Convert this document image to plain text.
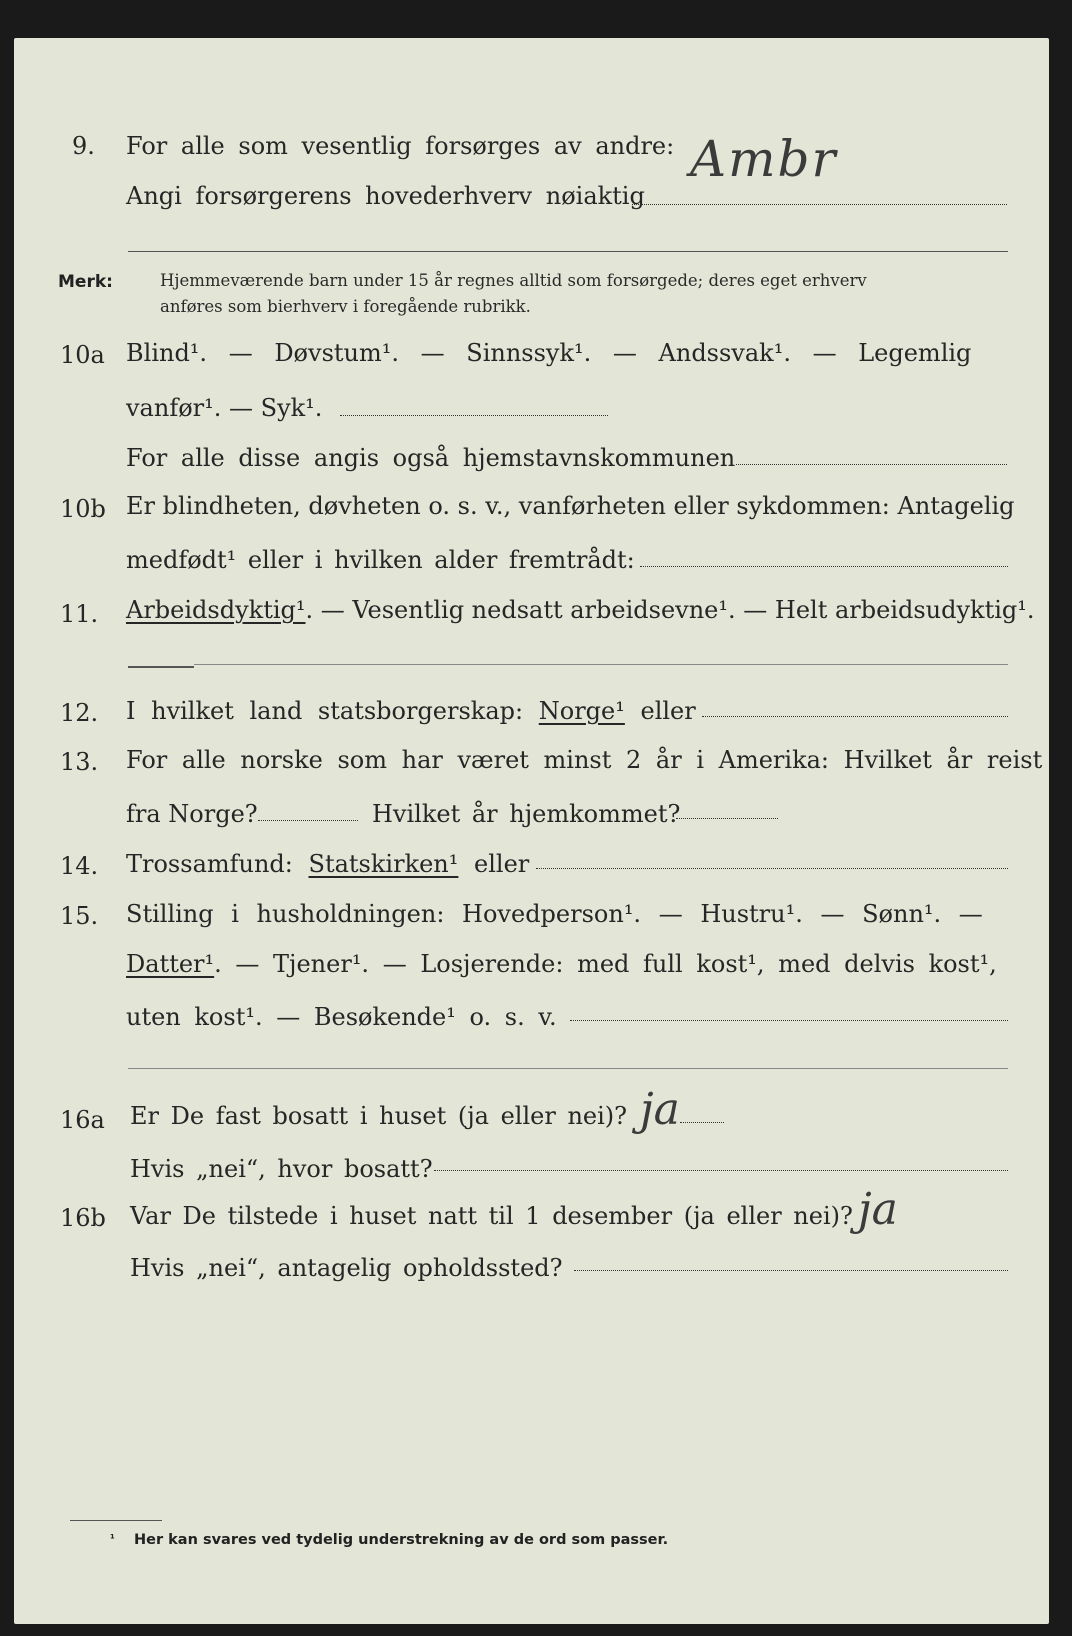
9. For alle som vesentlig forsørges av andre: Ambr
Angi forsørgerens hovederhverv nøiaktig
Merk:	Hjemmeværende barn under 15 år regnes alltid som forsørgede; deres eget erhverv
anføres som bierhverv i foregående rubrikk.
10a Blind¹. — Døvstum¹. — Sinnssyk¹. — Andssvak¹. — Legemlig
vanfør¹. — Syk¹.
For alle disse angis også hjemstavnskommunen
10b Er blindheten, døvheten o. s. v., vanførheten eller sykdommen: Antagelig
medfødt¹ eller i hvilken alder fremtrådt:
11. Arbeidsdyktig¹. — Vesentlig nedsatt arbeidsevne¹. — Helt arbeidsudyktig¹.
12. I hvilket land statsborgerskap: Norge¹ eller
13. For alle norske som har været minst 2 år i Amerika: Hvilket år reist
fra Norge?	Hvilket år hjemkommet?
14. Trossamfund: Statskirken¹ eller
15. Stilling i husholdningen: Hovedperson¹. — Hustru¹. — Sønn¹. —
Datter¹. — Tjener¹. — Losjerende: med full kost¹, med delvis kost¹,
uten kost¹. — Besøkende¹ o. s. v.
16a Er De fast bosatt i huset (ja eller nei)? ja
Hvis „nei“, hvor bosatt?
16b Var De tilstede i huset natt til 1 desember (ja eller nei)? ja
Hvis „nei“, antagelig opholdssted?
¹ Her kan svares ved tydelig understrekning av de ord som passer.
